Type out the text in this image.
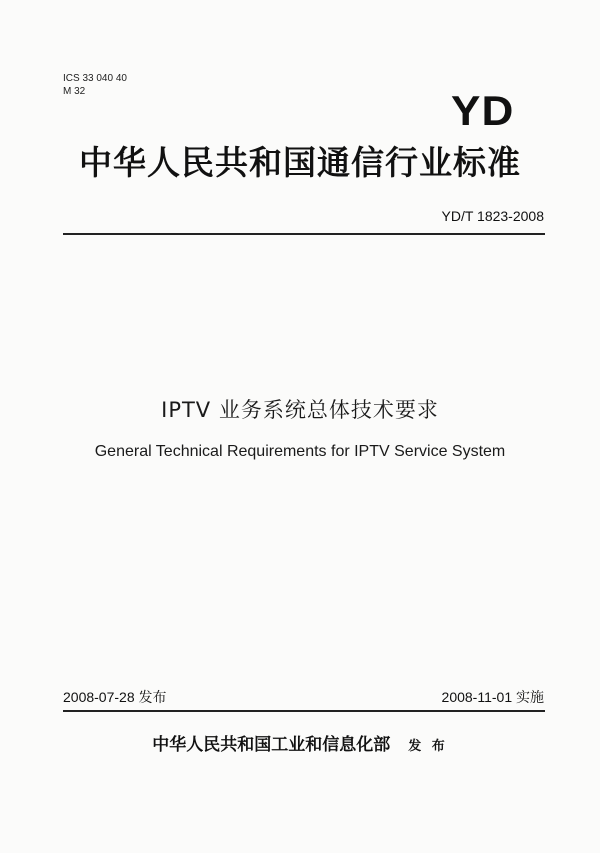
ICS 33 040 40
M 32	YD
中华人民共和国通信行业标准
YD/T 1823-2008
IPTV 业务系统总体技术要求
General Technical Requirements for IPTV Service System
2008-07-28 发布	2008-11-01 实施
中华人民共和国工业和信息化部 发 布
